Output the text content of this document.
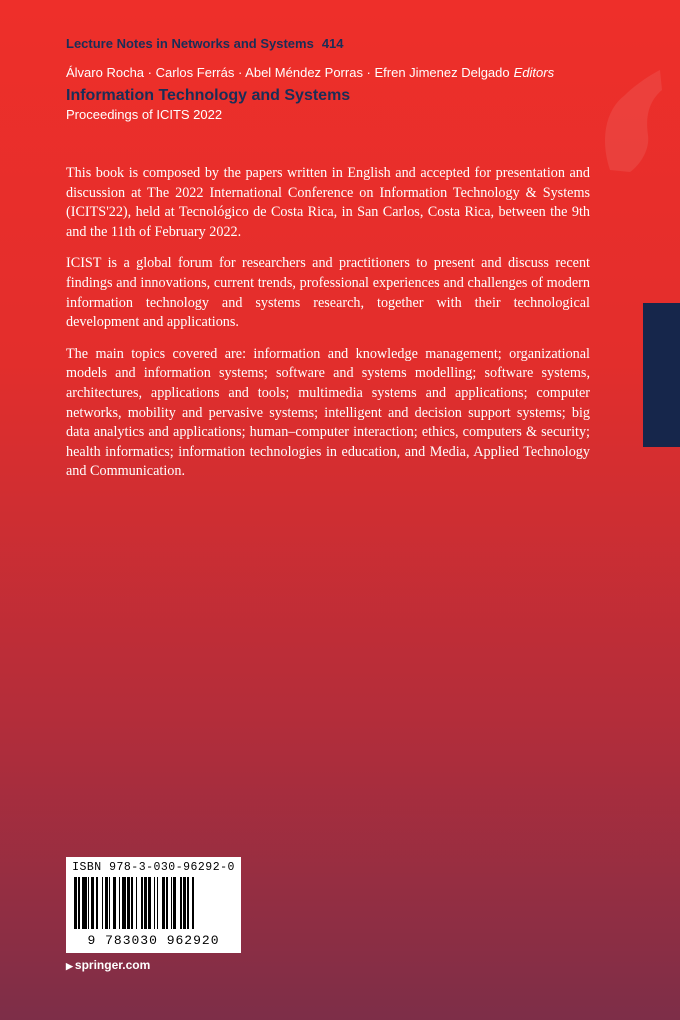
Lecture Notes in Networks and Systems 414
Álvaro Rocha · Carlos Ferrás · Abel Méndez Porras · Efren Jimenez Delgado Editors
Information Technology and Systems
Proceedings of ICITS 2022

This book is composed by the papers written in English and accepted for presentation and discussion at The 2022 International Conference on Information Technology & Systems (ICITS'22), held at Tecnológico de Costa Rica, in San Carlos, Costa Rica, between the 9th and the 11th of February 2022.

ICIST is a global forum for researchers and practitioners to present and discuss recent findings and innovations, current trends, professional experiences and challenges of modern information technology and systems research, together with their technological development and applications.

The main topics covered are: information and knowledge management; organizational models and information systems; software and systems modelling; software systems, architectures, applications and tools; multimedia systems and applications; computer networks, mobility and pervasive systems; intelligent and decision support systems; big data analytics and applications; human–computer interaction; ethics, computers & security; health informatics; information technologies in education, and Media, Applied Technology and Communication.

ISBN 978-3-030-96292-0
9 783030 962920
▶ springer.com
